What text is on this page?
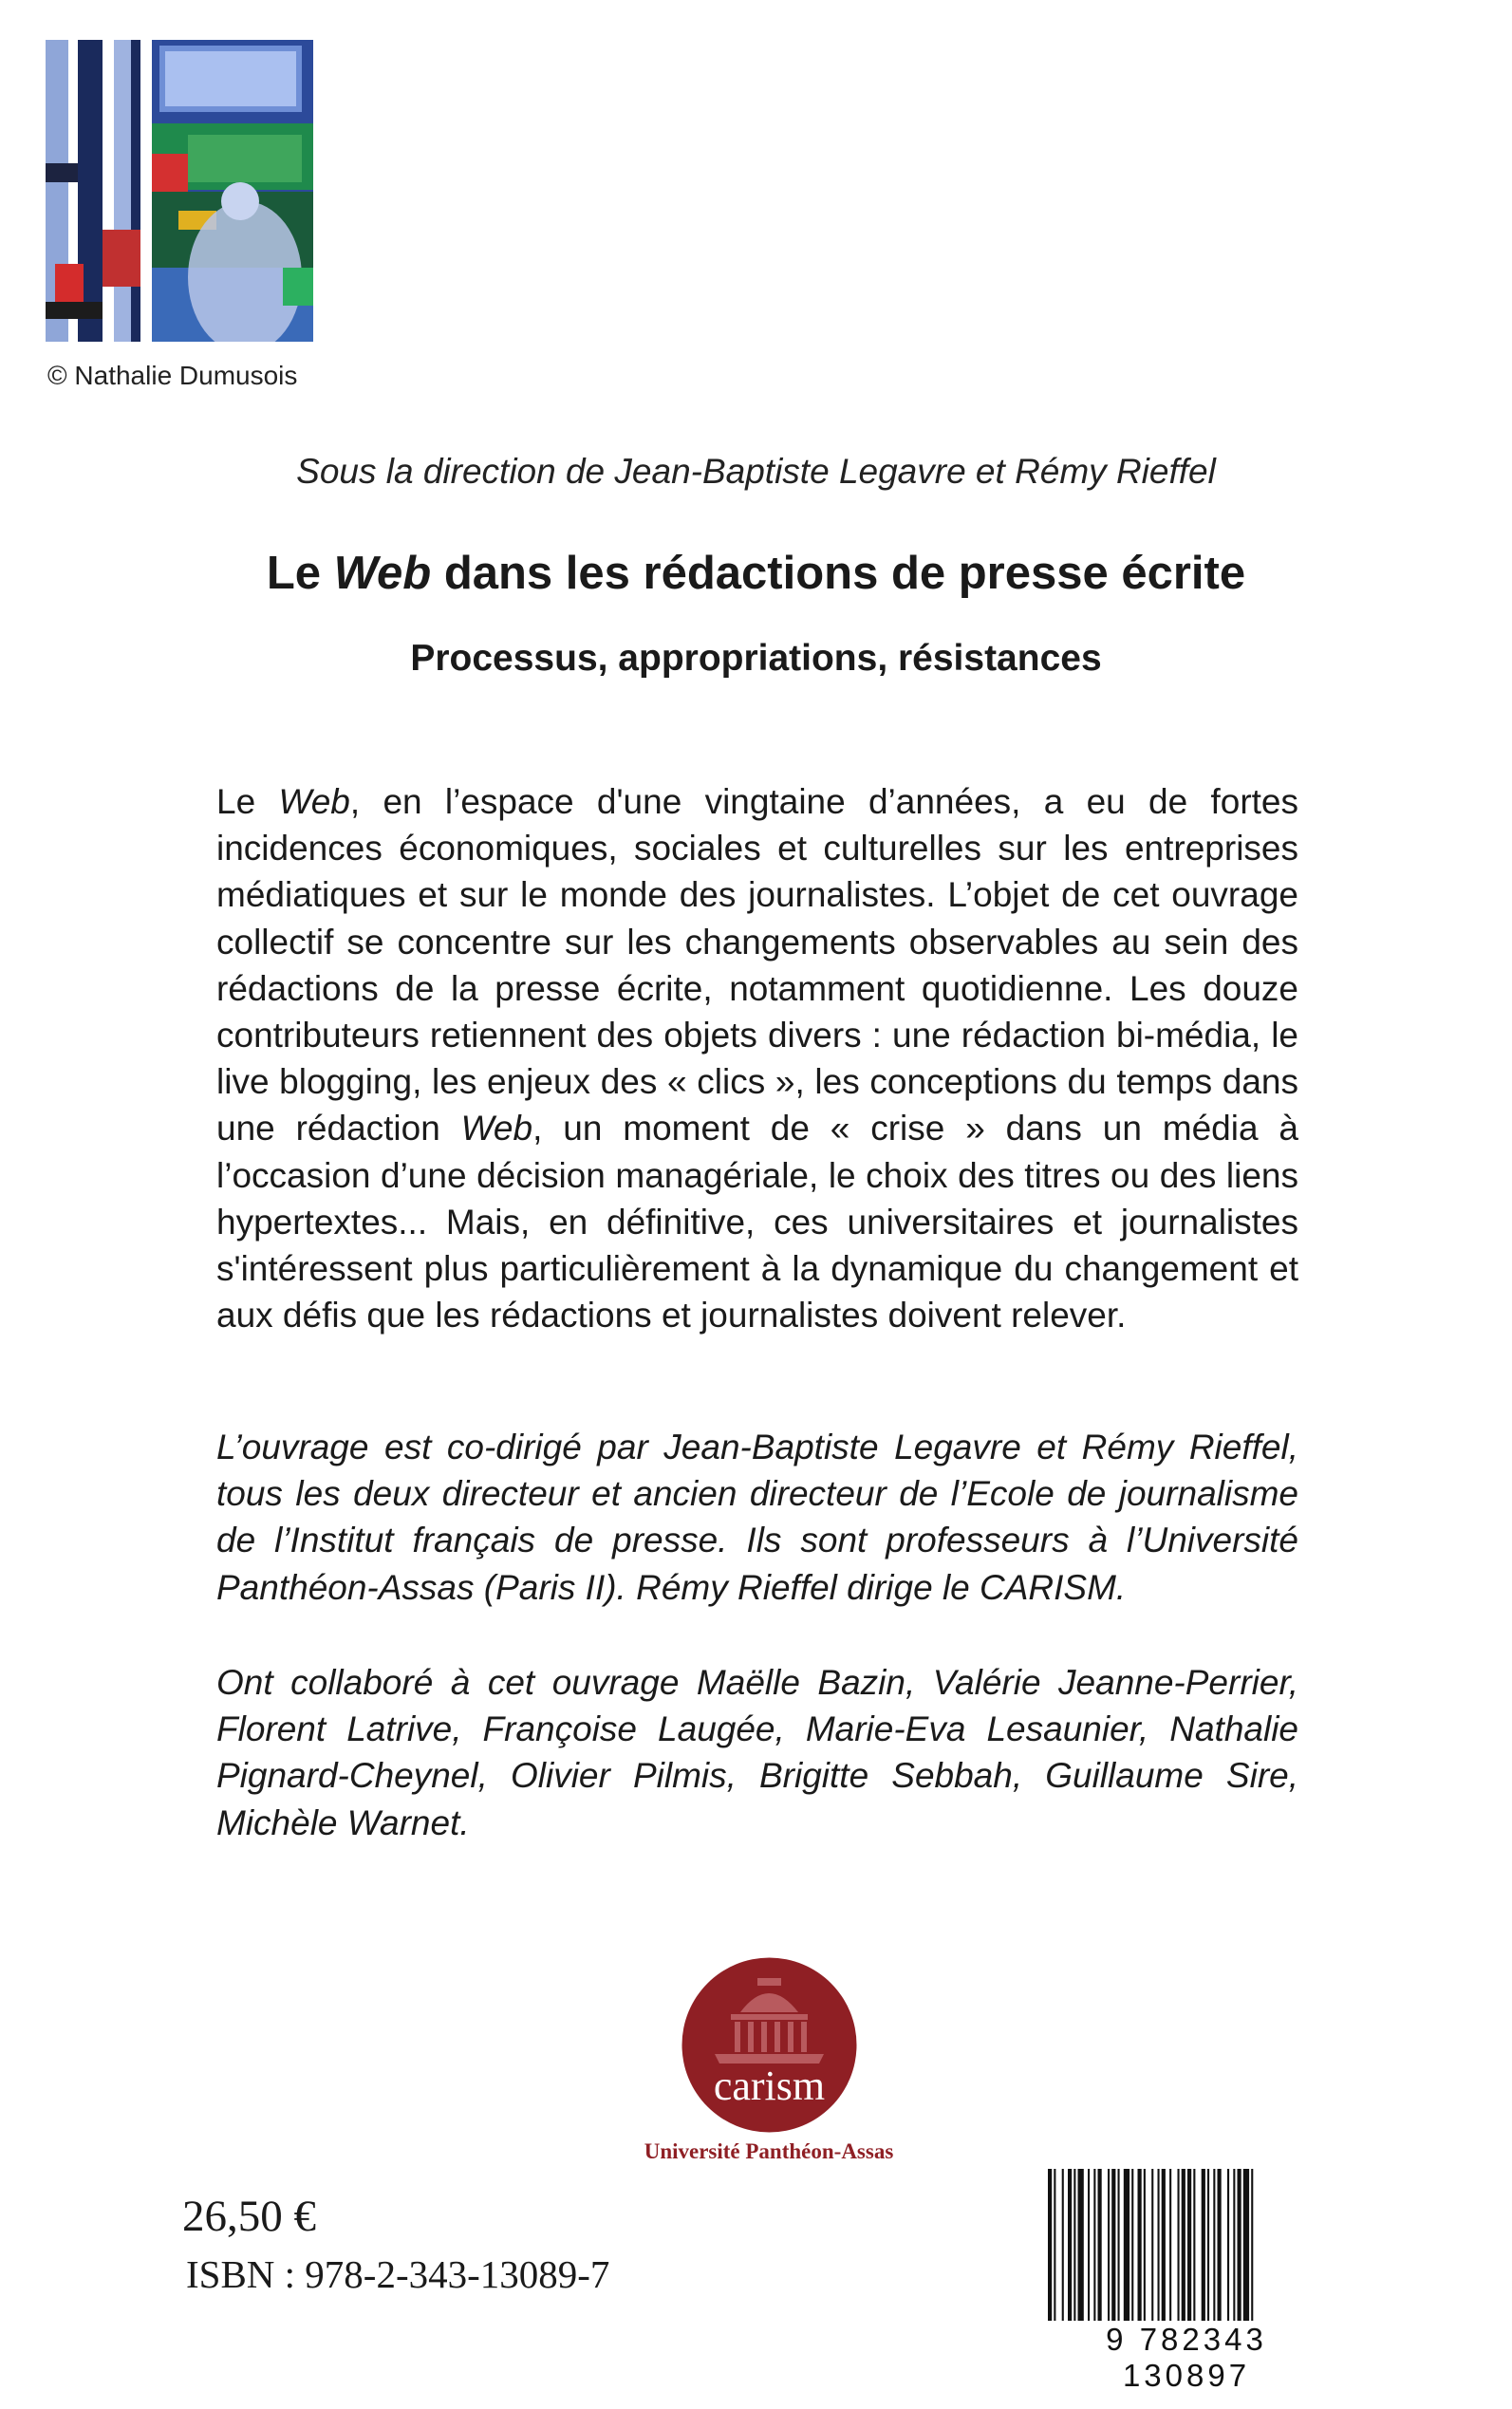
© Nathalie Dumusois
Sous la direction de Jean-Baptiste Legavre et Rémy Rieffel
Le Web dans les rédactions de presse écrite
Processus, appropriations, résistances

Le Web, en l’espace d'une vingtaine d’années, a eu de fortes incidences économiques, sociales et culturelles sur les entreprises médiatiques et sur le monde des journalistes. L’objet de cet ouvrage collectif se concentre sur les changements observables au sein des rédactions de la presse écrite, notamment quotidienne. Les douze contributeurs retiennent des objets divers : une rédaction bi-média, le live blogging, les enjeux des « clics », les conceptions du temps dans une rédaction Web, un moment de « crise » dans un média à l’occasion d’une décision managériale, le choix des titres ou des liens hypertextes... Mais, en définitive, ces universitaires et journalistes s'intéressent plus particulièrement à la dynamique du changement et aux défis que les rédactions et journalistes doivent relever.

L’ouvrage est co-dirigé par Jean-Baptiste Legavre et Rémy Rieffel, tous les deux directeur et ancien directeur de l’Ecole de journalisme de l’Institut français de presse. Ils sont professeurs à l’Université Panthéon-Assas (Paris II). Rémy Rieffel dirige le CARISM.

Ont collaboré à cet ouvrage Maëlle Bazin, Valérie Jeanne-Perrier, Florent Latrive, Françoise Laugée, Marie-Eva Lesaunier, Nathalie Pignard-Cheynel, Olivier Pilmis, Brigitte Sebbah, Guillaume Sire, Michèle Warnet.

carism
Université Panthéon-Assas
26,50 €
ISBN : 978-2-343-13089-7
9 782343 130897
